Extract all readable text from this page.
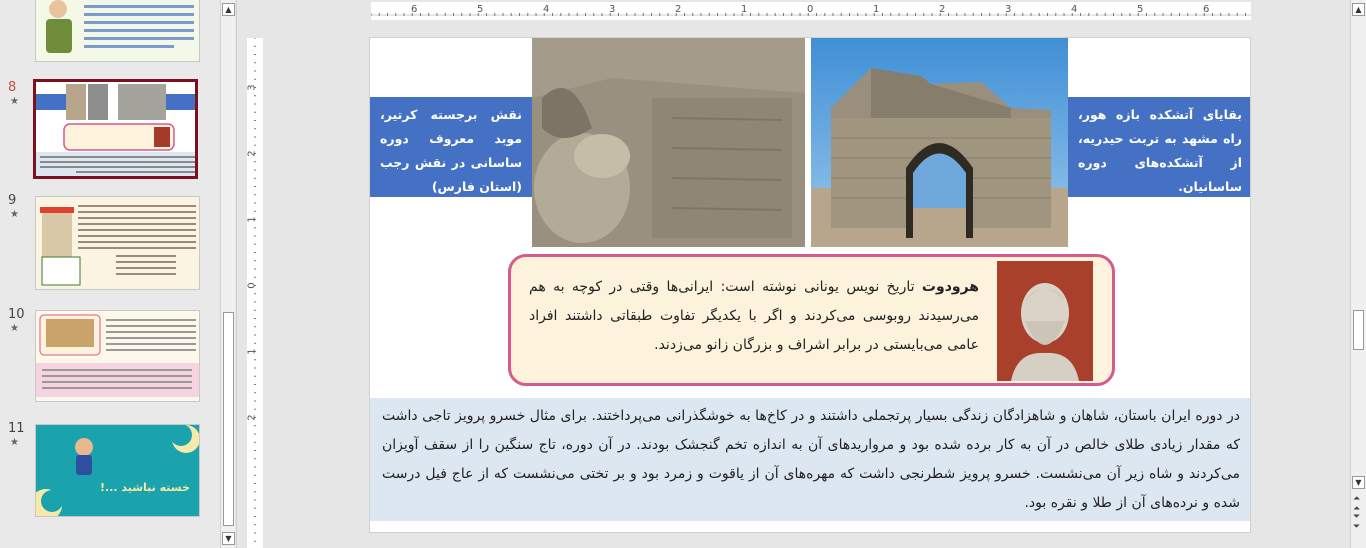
8
★
9
★
10
★
11
★
خسته نباشید ...!
▲
▼
6	5	4	3	2	1	0	1	2	3	4	5	6
3
2
1
0
1
2
بقایای آتشکده بازه هور، راه مشهد به تربت حیدریه، از آتشکده‌های دوره ساسانیان.
نقش برجسته کرتیر، موبد معروف دوره ساسانی در نقش رجب (استان فارس)
هرودوت تاریخ نویس یونانی نوشته است: ایرانی‌ها وقتی در کوچه به هم می‌رسیدند روبوسی می‌کردند و اگر با یکدیگر تفاوت طبقاتی داشتند افراد عامی می‌بایستی در برابر اشراف و بزرگان زانو می‌زدند.
در دوره ایران باستان، شاهان و شاهزادگان زندگی بسیار پرتجملی داشتند و در کاخ‌ها به خوشگذرانی می‌پرداختند. برای مثال خسرو پرویز تاجی داشت که مقدار زیادی طلای خالص در آن به کار برده شده بود و مرواریدهای آن به اندازه تخم گنجشک بودند. در آن دوره، تاج سنگین را از سقف آویزان می‌کردند و شاه زیر آن می‌نشست. خسرو پرویز شطرنجی داشت که مهره‌های آن از یاقوت و زمرد بود و بر تختی می‌نشست که از عاج فیل درست شده و نرده‌های آن از طلا و نقره بود.
▲
▼
⏶
⏶
⏷
⏷
